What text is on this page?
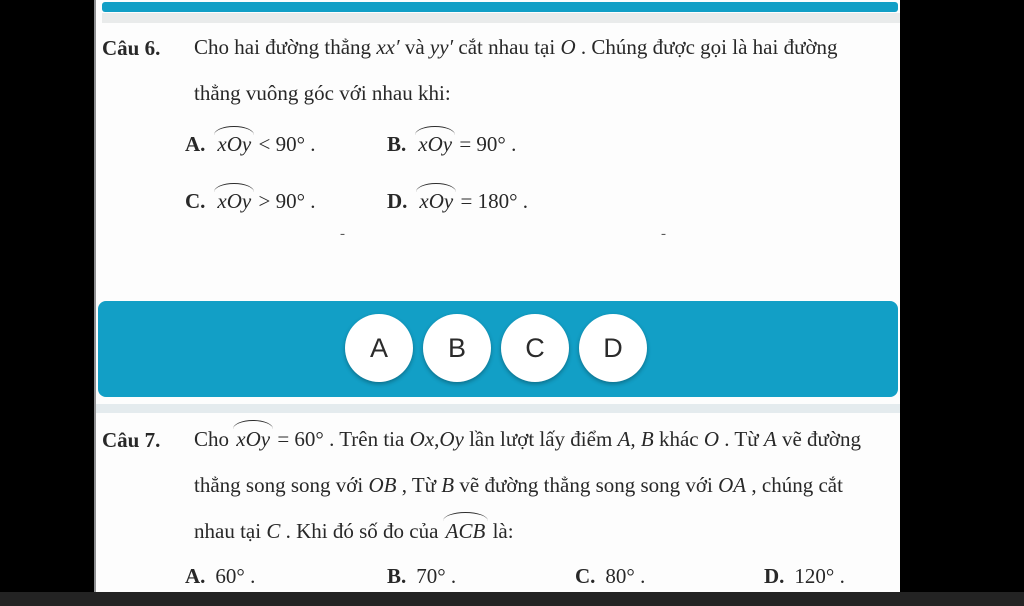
Câu 6. Cho hai đường thẳng xx′ và yy′ cắt nhau tại O . Chúng được gọi là hai đường
thẳng vuông góc với nhau khi:
A. xOy < 90° .	B. xOy = 90° .
C. xOy > 90° .	D. xOy = 180° .
-	-
A	B	C	D
Câu 7. Cho xOy = 60° . Trên tia Ox,Oy lần lượt lấy điểm A, B khác O . Từ A vẽ đường
thẳng song song với OB , Từ B vẽ đường thẳng song song với OA , chúng cắt
nhau tại C . Khi đó số đo của ACB là:
A. 60° .	B. 70° .	C. 80° .	D. 120° .
